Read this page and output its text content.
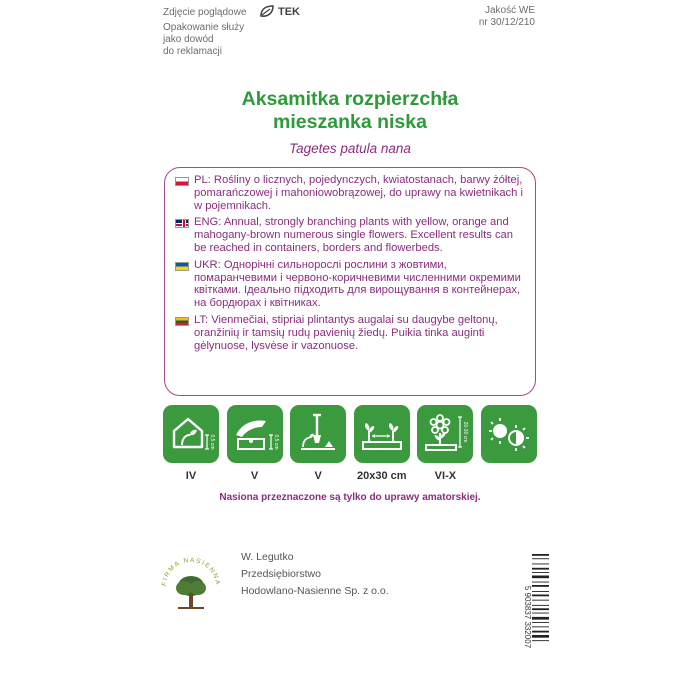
Zdjęcie poglądowe	TEK
Opakowanie służy
jako dowód
do reklamacji
Jakość WE
nr 30/12/210
Aksamitka rozpierzchła
mieszanka niska
Tagetes patula nana
PL: Rośliny o licznych, pojedynczych, kwiatostanach, barwy żółtej, pomarańczowej i mahoniowobrązowej, do uprawy na kwietnikach i w pojemnikach.
ENG: Annual, strongly branching plants with yellow, orange and mahogany-brown numerous single flowers. Excellent results can be reached in containers, borders and flowerbeds.
UKR: Однорічні сильнорослі рослини з жовтими, помаранчевими і червоно-коричневими численними окремими квітками. Ідеально підходить для вирощування в контейнерах, на бордюрах і квітниках.
LT: Vienmečiai, stipriai plintantys augalai su daugybe geltonų, oranžinių ir tamsių rudų pavienių žiedų. Puikia tinka auginti gėlynuose, lysvėse ir vazonuose.
0,5 cm	0,5 cm	20-30 cm
IV	V	V	20x30 cm	VI-X
Nasiona przeznaczone są tylko do uprawy amatorskiej.
FIRMA NASIENNA
W. Legutko
Przedsiębiorstwo
Hodowlano-Nasienne Sp. z o.o.	5 903837 332007
